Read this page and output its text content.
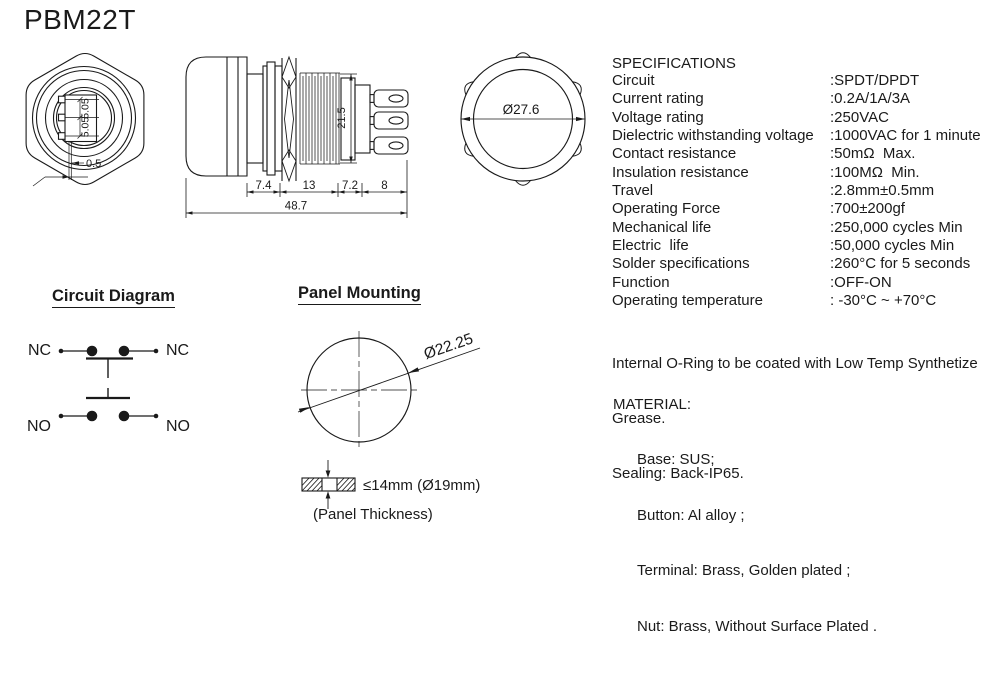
PBM22T
5.05
5.05
0.5
7.4	13 7.2 8
48.7
21.5	Ø27.6
SPECIFICATIONS
Circuit	:SPDT/DPDT
Current rating	:0.2A/1A/3A
Voltage rating	:250VAC
Dielectric withstanding voltage	:1000VAC for 1 minute
Contact resistance	:50mΩ  Max.
Insulation resistance	:100MΩ  Min.
Travel	:2.8mm±0.5mm
Operating Force	:700±200gf
Mechanical life	:250,000 cycles Min
Electric  life	:50,000 cycles Min
Solder specifications	:260°C for 5 seconds
Function	:OFF-ON
Operating temperature	: -30°C ~ +70°C

Internal O-Ring to be coated with Low Temp Synthetize

Grease.

Sealing: Back-IP65.

MATERIAL:

Base: SUS;

Button: Al alloy ;

Terminal: Brass, Golden plated ;

Nut: Brass, Without Surface Plated .

Circuit Diagram
NC	NC
NO	NO
Panel Mounting
Ø22.25
≤14mm (Ø19mm)
(Panel Thickness)
